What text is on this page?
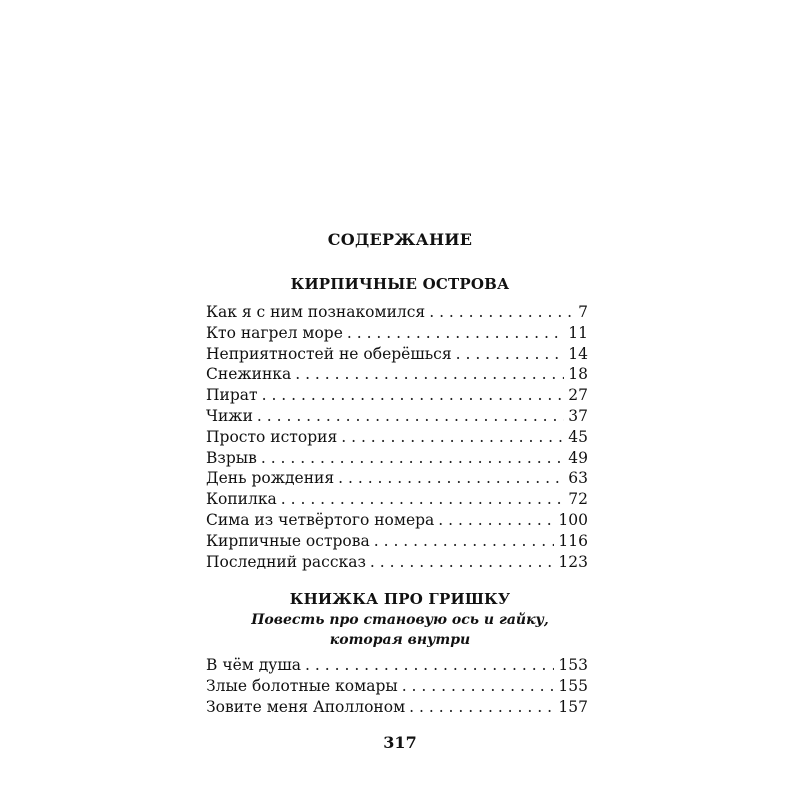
СОДЕРЖАНИЕ
КИРПИЧНЫЕ ОСТРОВА
Как я с ним познакомился . . .	7
Кто нагрел море . . .	11
Неприятностей не оберёшься . . .	14
Снежинка . . .	18
Пират . . .	27
Чижи . . .	37
Просто история . . .	45
Взрыв . . .	49
День рождения . . .	63
Копилка . . .	72
Сима из четвёртого номера . . .	100
Кирпичные острова . . .	116
Последний рассказ . . .	123
КНИЖКА ПРО ГРИШКУ
Повесть про становую ось и гайку,
которая внутри
В чём душа . . .	153
Злые болотные комары . . .	155
Зовите меня Аполлоном . . .	157
317
